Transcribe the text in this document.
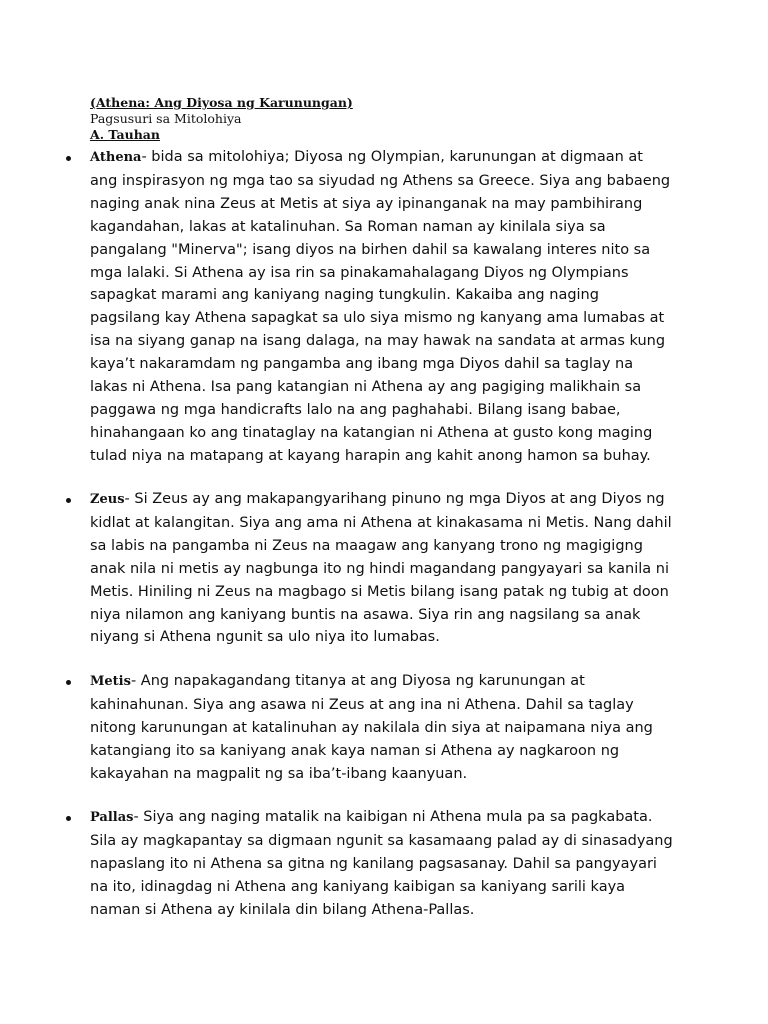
(Athena: Ang Diyosa ng Karunungan)
Pagsusuri sa Mitolohiya
A. Tauhan
Athena- bida sa mitolohiya; Diyosa ng Olympian, karunungan at digmaan at
ang inspirasyon ng mga tao sa siyudad ng Athens sa Greece. Siya ang babaeng
naging anak nina Zeus at Metis at siya ay ipinanganak na may pambihirang
kagandahan, lakas at katalinuhan. Sa Roman naman ay kinilala siya sa
pangalang "Minerva"; isang diyos na birhen dahil sa kawalang interes nito sa
mga lalaki. Si Athena ay isa rin sa pinakamahalagang Diyos ng Olympians
sapagkat marami ang kaniyang naging tungkulin. Kakaiba ang naging
pagsilang kay Athena sapagkat sa ulo siya mismo ng kanyang ama lumabas at
isa na siyang ganap na isang dalaga, na may hawak na sandata at armas kung
kaya’t nakaramdam ng pangamba ang ibang mga Diyos dahil sa taglay na
lakas ni Athena. Isa pang katangian ni Athena ay ang pagiging malikhain sa
paggawa ng mga handicrafts lalo na ang paghahabi. Bilang isang babae,
hinahangaan ko ang tinataglay na katangian ni Athena at gusto kong maging
tulad niya na matapang at kayang harapin ang kahit anong hamon sa buhay.
Zeus- Si Zeus ay ang makapangyarihang pinuno ng mga Diyos at ang Diyos ng
kidlat at kalangitan. Siya ang ama ni Athena at kinakasama ni Metis. Nang dahil
sa labis na pangamba ni Zeus na maagaw ang kanyang trono ng magigigng
anak nila ni metis ay nagbunga ito ng hindi magandang pangyayari sa kanila ni
Metis. Hiniling ni Zeus na magbago si Metis bilang isang patak ng tubig at doon
niya nilamon ang kaniyang buntis na asawa. Siya rin ang nagsilang sa anak
niyang si Athena ngunit sa ulo niya ito lumabas.
Metis- Ang napakagandang titanya at ang Diyosa ng karunungan at
kahinahunan. Siya ang asawa ni Zeus at ang ina ni Athena. Dahil sa taglay
nitong karunungan at katalinuhan ay nakilala din siya at naipamana niya ang
katangiang ito sa kaniyang anak kaya naman si Athena ay nagkaroon ng
kakayahan na magpalit ng sa iba’t-ibang kaanyuan.
Pallas- Siya ang naging matalik na kaibigan ni Athena mula pa sa pagkabata.
Sila ay magkapantay sa digmaan ngunit sa kasamaang palad ay di sinasadyang
napaslang ito ni Athena sa gitna ng kanilang pagsasanay. Dahil sa pangyayari
na ito, idinagdag ni Athena ang kaniyang kaibigan sa kaniyang sarili kaya
naman si Athena ay kinilala din bilang Athena-Pallas.
